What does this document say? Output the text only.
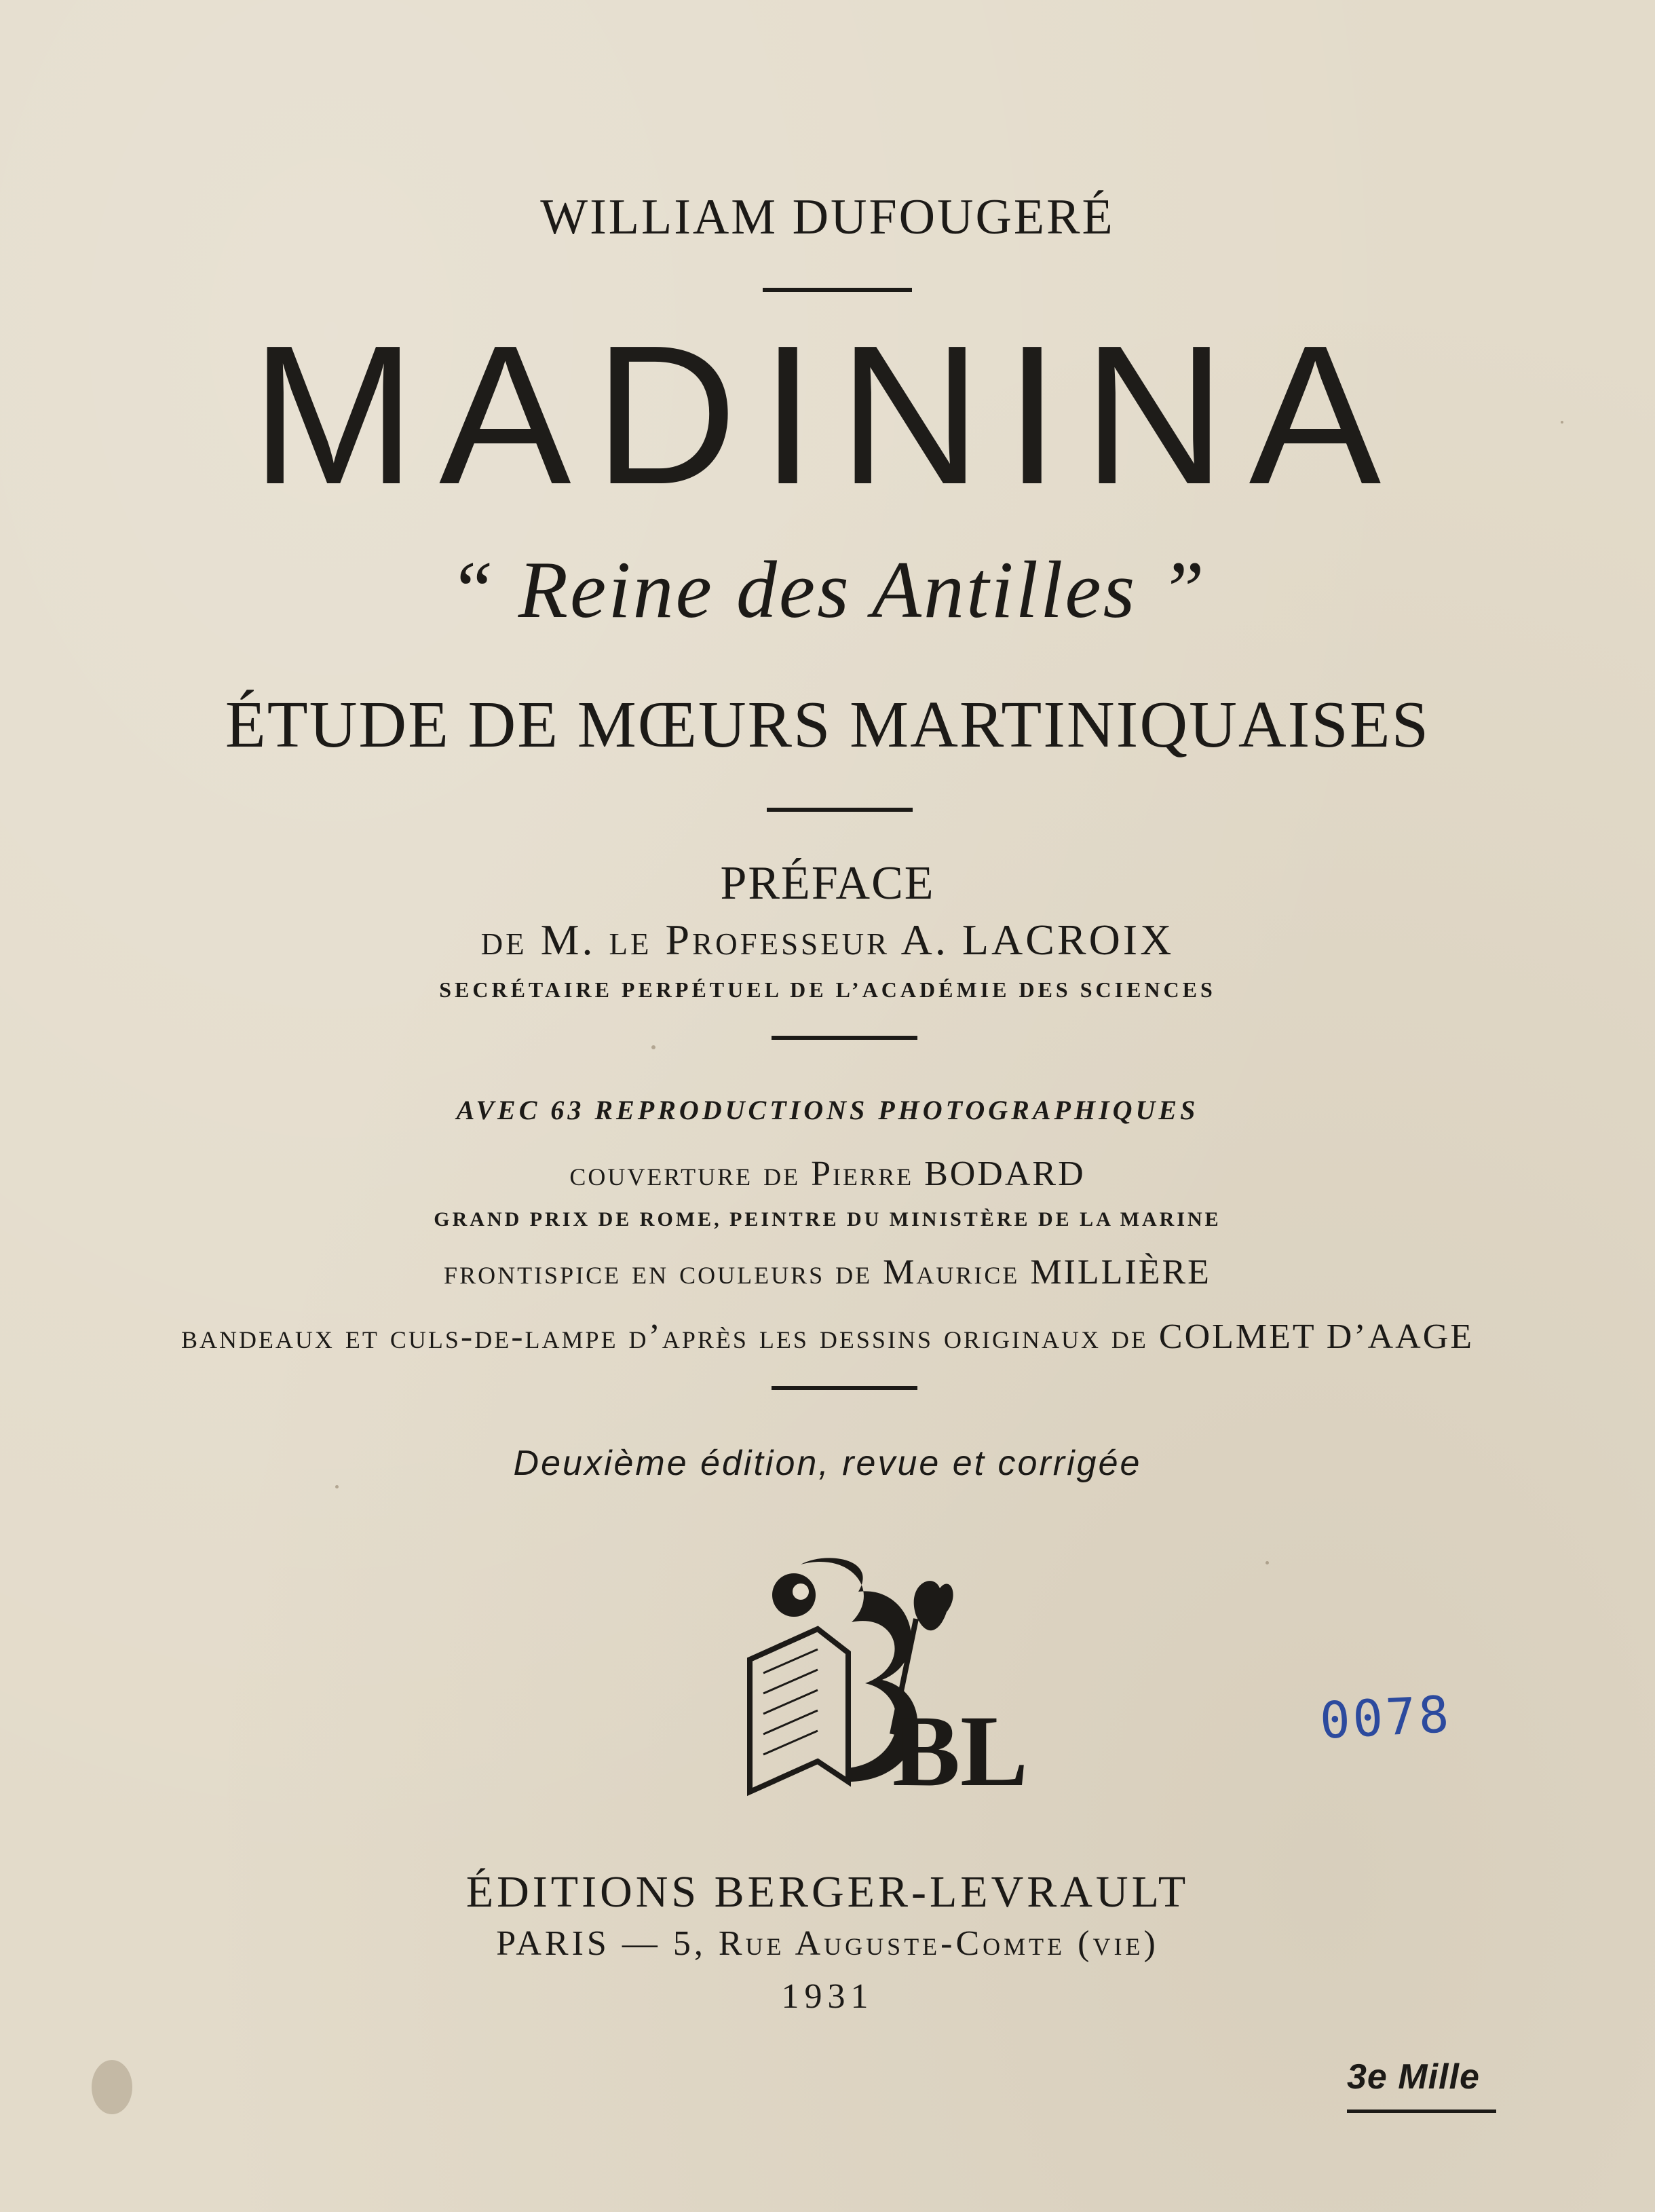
WILLIAM DUFOUGERÉ
MADININA
“ Reine des Antilles ”
ÉTUDE DE MŒURS MARTINIQUAISES
PRÉFACE
de M. le Professeur A. LACROIX
SECRÉTAIRE PERPÉTUEL DE L’ACADÉMIE DES SCIENCES
AVEC 63 REPRODUCTIONS PHOTOGRAPHIQUES
couverture de Pierre BODARD
GRAND PRIX DE ROME, PEINTRE DU MINISTÈRE DE LA MARINE
frontispice en couleurs de Maurice MILLIÈRE
bandeaux et culs-de-lampe d’après les dessins originaux de COLMET D’AAGE
Deuxième édition, revue et corrigée
BL	0078
ÉDITIONS BERGER-LEVRAULT
PARIS — 5, Rue Auguste-Comte (vie)
1931
3e Mille
